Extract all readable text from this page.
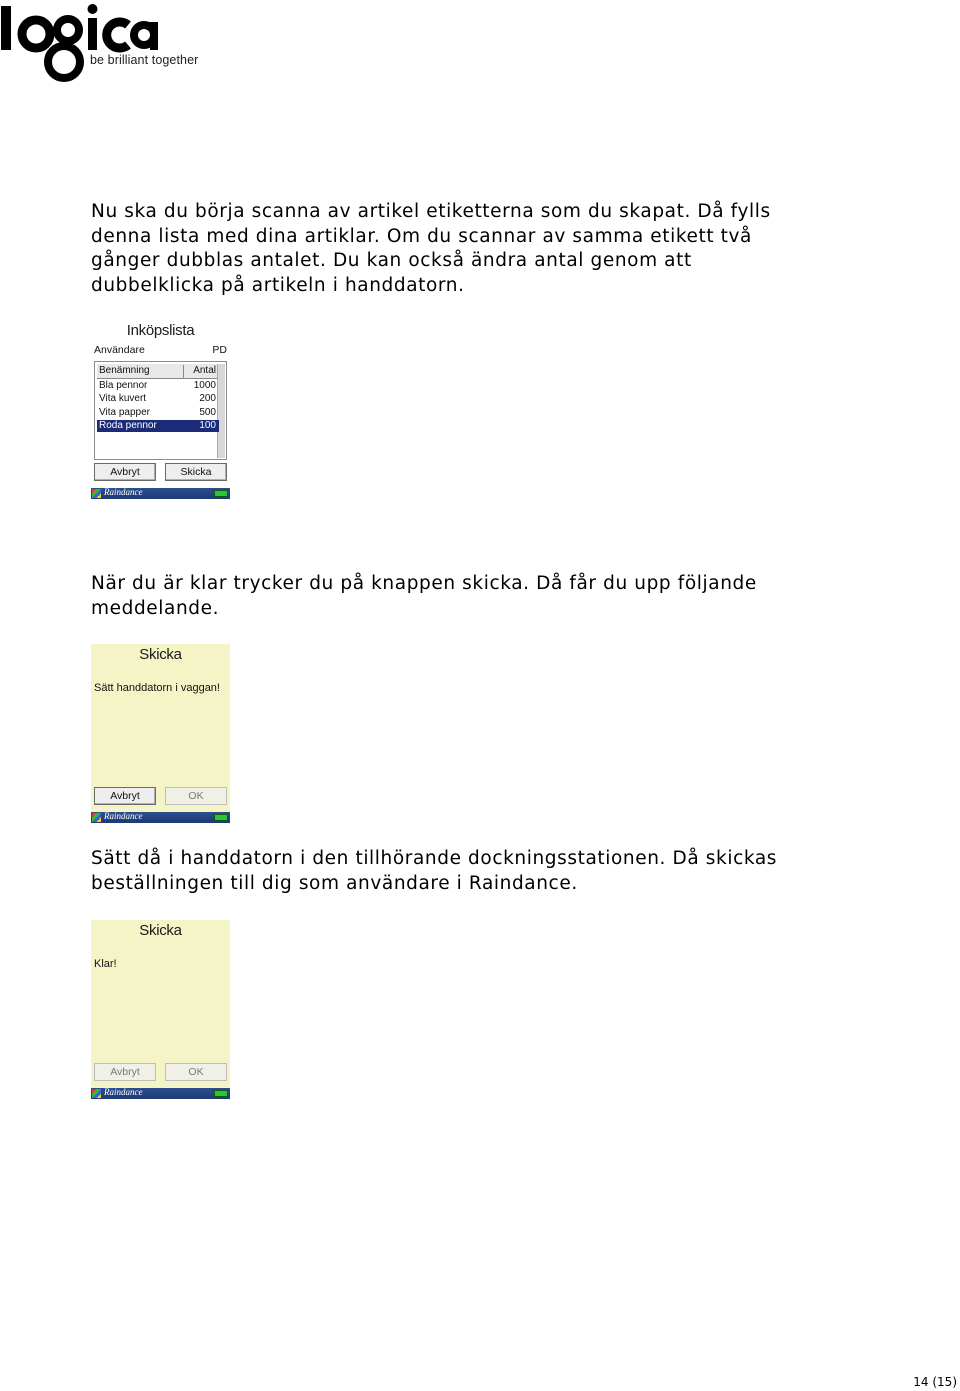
be brilliant together

Nu ska du börja scanna av artikel etiketterna som du skapat. Då fylls denna lista med dina artiklar. Om du scannar av samma etikett två gånger dubblas antalet. Du kan också ändra antal genom att dubbelklicka på artikeln i handdatorn.

Inköpslista
Användare	PD
Benämning	Antal
Bla pennor	1000
Vita kuvert	200
Vita papper	500
Roda pennor	100
Avbryt	Skicka
Raindance

När du är klar trycker du på knappen skicka. Då får du upp följande meddelande.

Skicka
Sätt handdatorn i vaggan!
Avbryt	OK
Raindance

Sätt då i handdatorn i den tillhörande dockningsstationen. Då skickas beställningen till dig som användare i Raindance.

Skicka
Klar!
Avbryt	OK
Raindance
14 (15)
